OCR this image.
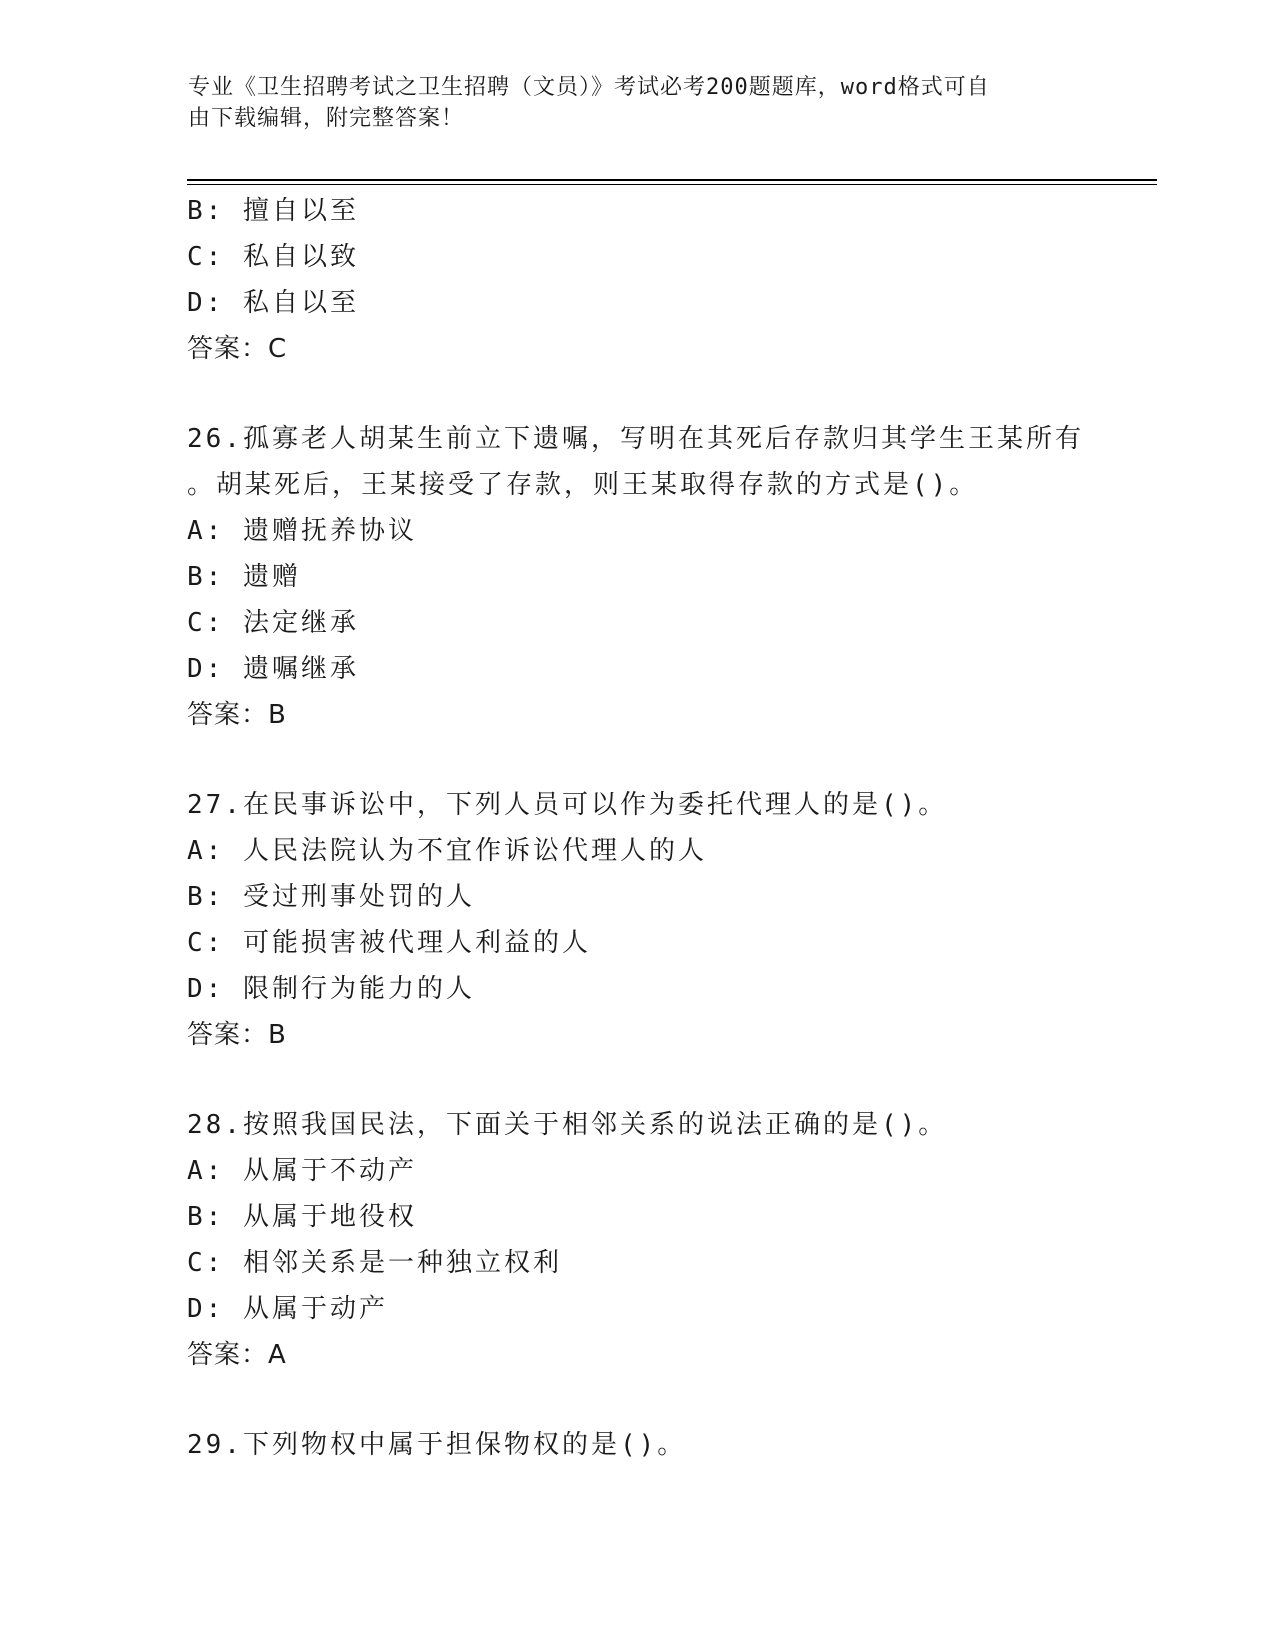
专业《卫生招聘考试之卫生招聘（文员）》考试必考200题题库，word格式可自
由下载编辑，附完整答案！
B: 擅自以至
C: 私自以致
D: 私自以至
答案：C
26.孤寡老人胡某生前立下遗嘱，写明在其死后存款归其学生王某所有
。胡某死后，王某接受了存款，则王某取得存款的方式是()。
A: 遗赠抚养协议
B: 遗赠
C: 法定继承
D: 遗嘱继承
答案：B
27.在民事诉讼中，下列人员可以作为委托代理人的是()。
A: 人民法院认为不宜作诉讼代理人的人
B: 受过刑事处罚的人
C: 可能损害被代理人利益的人
D: 限制行为能力的人
答案：B
28.按照我国民法，下面关于相邻关系的说法正确的是()。
A: 从属于不动产
B: 从属于地役权
C: 相邻关系是一种独立权利
D: 从属于动产
答案：A
29.下列物权中属于担保物权的是()。
